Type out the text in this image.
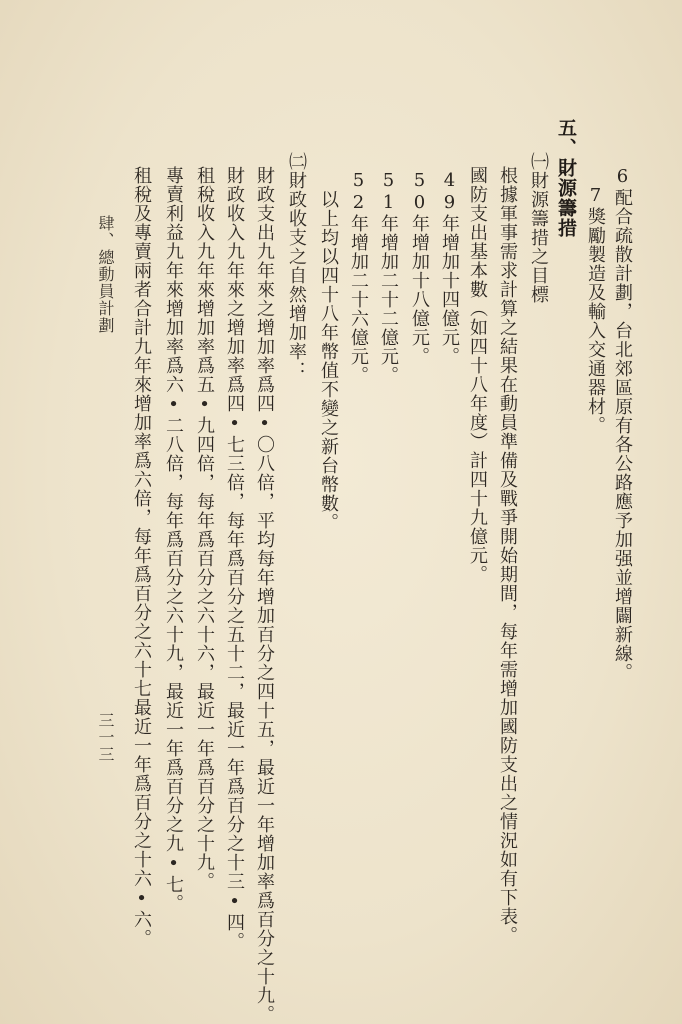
6配合疏散計劃，台北郊區原有各公路應予加强並增闢新線。
7獎勵製造及輸入交通器材。
五、財源籌措
㈠財源籌措之目標
根據軍事需求計算之結果在動員準備及戰爭開始期間，每年需增加國防支出之情況如有下表。
國防支出基本數（如四十八年度）計四十九億元。
49年增加十四億元。
50年增加十八億元。
51年增加二十二億元。
52年增加二十六億元。
以上均以四十八年幣值不變之新台幣數。
㈡財政收支之自然增加率：
財政支出九年來之增加率爲四•〇八倍，平均每年增加百分之四十五，最近一年增加率爲百分之十九。
財政收入九年來之增加率爲四•七三倍，每年爲百分之五十二，最近一年爲百分之十三•四。
租稅收入九年來增加率爲五•九四倍，每年爲百分之六十六，最近一年爲百分之十九。
專賣利益九年來增加率爲六•二八倍，每年爲百分之六十九，最近一年爲百分之九•七。
租稅及專賣兩者合計九年來增加率爲六倍，每年爲百分之六十七最近一年爲百分之十六•六。
肆、總動員計劃
三一三
